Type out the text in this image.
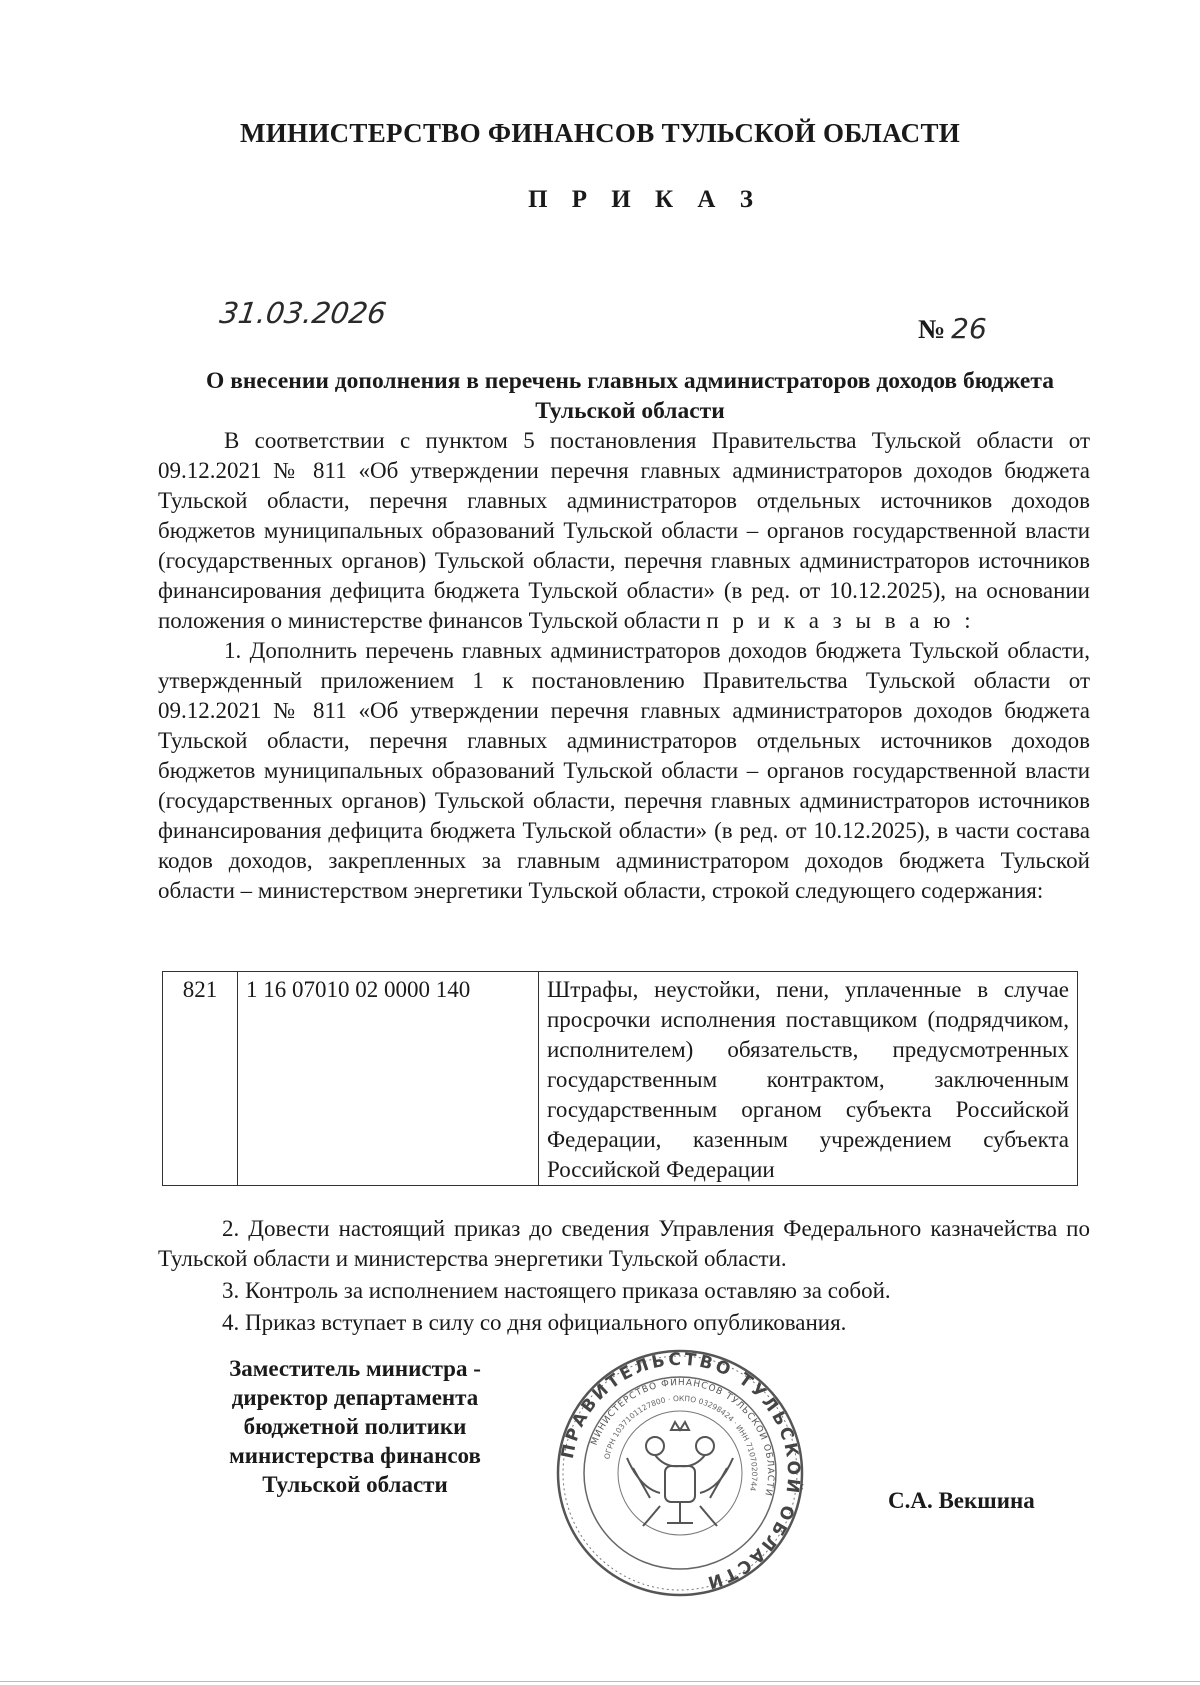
МИНИСТЕРСТВО ФИНАНСОВ ТУЛЬСКОЙ ОБЛАСТИ
П Р И К А З
31.03.2026	№ 26
О внесении дополнения в перечень главных администраторов доходов бюджета Тульской области

В соответствии с пунктом 5 постановления Правительства Тульской области от 09.12.2021 № 811 «Об утверждении перечня главных администраторов доходов бюджета Тульской области, перечня главных администраторов отдельных источников доходов бюджетов муниципальных образований Тульской области – органов государственной власти (государственных органов) Тульской области, перечня главных администраторов источников финансирования дефицита бюджета Тульской области» (в ред. от 10.12.2025), на основании положения о министерстве финансов Тульской области п р и к а з ы в а ю :

1. Дополнить перечень главных администраторов доходов бюджета Тульской области, утвержденный приложением 1 к постановлению Правительства Тульской области от 09.12.2021 № 811 «Об утверждении перечня главных администраторов доходов бюджета Тульской области, перечня главных администраторов отдельных источников доходов бюджетов муниципальных образований Тульской области – органов государственной власти (государственных органов) Тульской области, перечня главных администраторов источников финансирования дефицита бюджета Тульской области» (в ред. от 10.12.2025), в части состава кодов доходов, закрепленных за главным администратором доходов бюджета Тульской области – министерством энергетики Тульской области, строкой следующего содержания:

821	1 16 07010 02 0000 140	Штрафы, неустойки, пени, уплаченные в случае просрочки исполнения поставщиком (подрядчиком, исполнителем) обязательств, предусмотренных государственным контрактом, заключенным государственным органом субъекта Российской Федерации, казенным учреждением субъекта Российской Федерации

2. Довести настоящий приказ до сведения Управления Федерального казначейства по Тульской области и министерства энергетики Тульской области.

3. Контроль за исполнением настоящего приказа оставляю за собой.

4. Приказ вступает в силу со дня официального опубликования.

Заместитель министра -
директор департамента
бюджетной политики
министерства финансов
Тульской области
ПРАВИТЕЛЬСТВО ТУЛЬСКОЙ ОБЛАСТИ
МИНИСТЕРСТВО ФИНАНСОВ ТУЛЬСКОЙ ОБЛАСТИ
ОГРН 1037101127800 · ОКПО 03298424 · ИНН 7107020744	С.А. Векшина
